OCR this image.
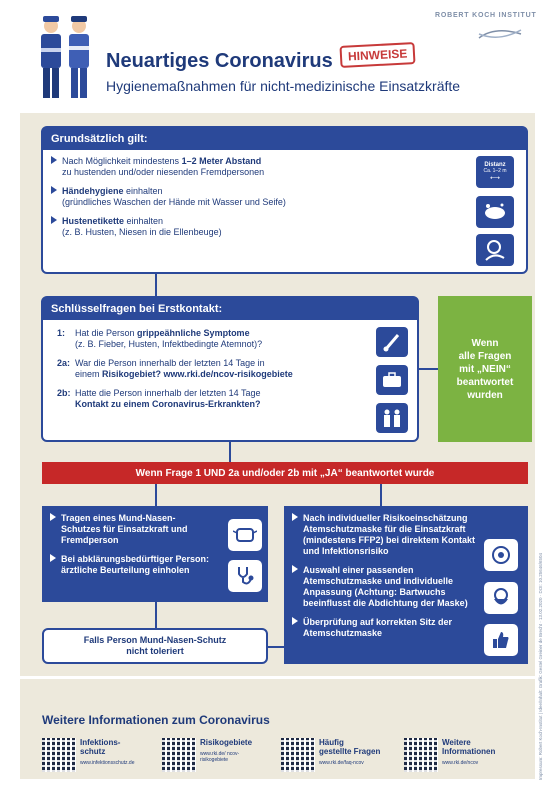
ROBERT KOCH INSTITUT
Neuartiges Coronavirus	HINWEISE
Hygienemaßnahmen für nicht-medizinische Einsatzkräfte
Grundsätzlich gilt:
Nach Möglichkeit mindestens 1–2 Meter Abstand
zu hustenden und/oder niesenden Fremdpersonen
Händehygiene einhalten
(gründliches Waschen der Hände mit Wasser und Seife)
Hustenetikette einhalten
(z. B. Husten, Niesen in die Ellenbeuge)
Distanz
Ca. 1–2 m
⟷
Schlüsselfragen bei Erstkontakt:
1: Hat die Person grippeähnliche Symptome
(z. B. Fieber, Husten, Infektbedingte Atemnot)?
2a: War die Person innerhalb der letzten 14 Tage in
einem Risikogebiet? www.rki.de/ncov-risikogebiete
2b: Hatte die Person innerhalb der letzten 14 Tage
Kontakt zu einem Coronavirus-Erkrankten?
Wenn
alle Fragen
mit „NEIN“
beantwortet
wurden
Wenn Frage 1 UND 2a und/oder 2b mit „JA“ beantwortet wurde
Tragen eines Mund-Nasen-Schutzes für Einsatzkraft und Fremdperson
Bei abklärungsbedürftiger Person: ärztliche Beurteilung einholen
Falls Person Mund-Nasen-Schutz
nicht toleriert
Nach individueller Risikoeinschätzung Atemschutzmaske für die Einsatzkraft (mindestens FFP2) bei direktem Kontakt und Infektionsrisiko
Auswahl einer passenden Atemschutzmaske und individuelle Anpassung (Achtung: Bartwuchs beeinflusst die Abdichtung der Maske)
Überprüfung auf korrekten Sitz der Atemschutzmaske
Weitere Informationen zum Coronavirus
Infektions-
schutz
www.infektionsschutz.de
Risikogebiete
www.rki.de/ ncov-risikogebiete
Häufig
gestellte Fragen
www.rki.de/faq-ncov
Weitere
Informationen
www.rki.de/ncov	Impressum: Robert Koch-Institut | Idee/Inhalt: Grafik: Gestel Greiner de Brecht · 13.02.2020 · DOI: 10.25646/6504
